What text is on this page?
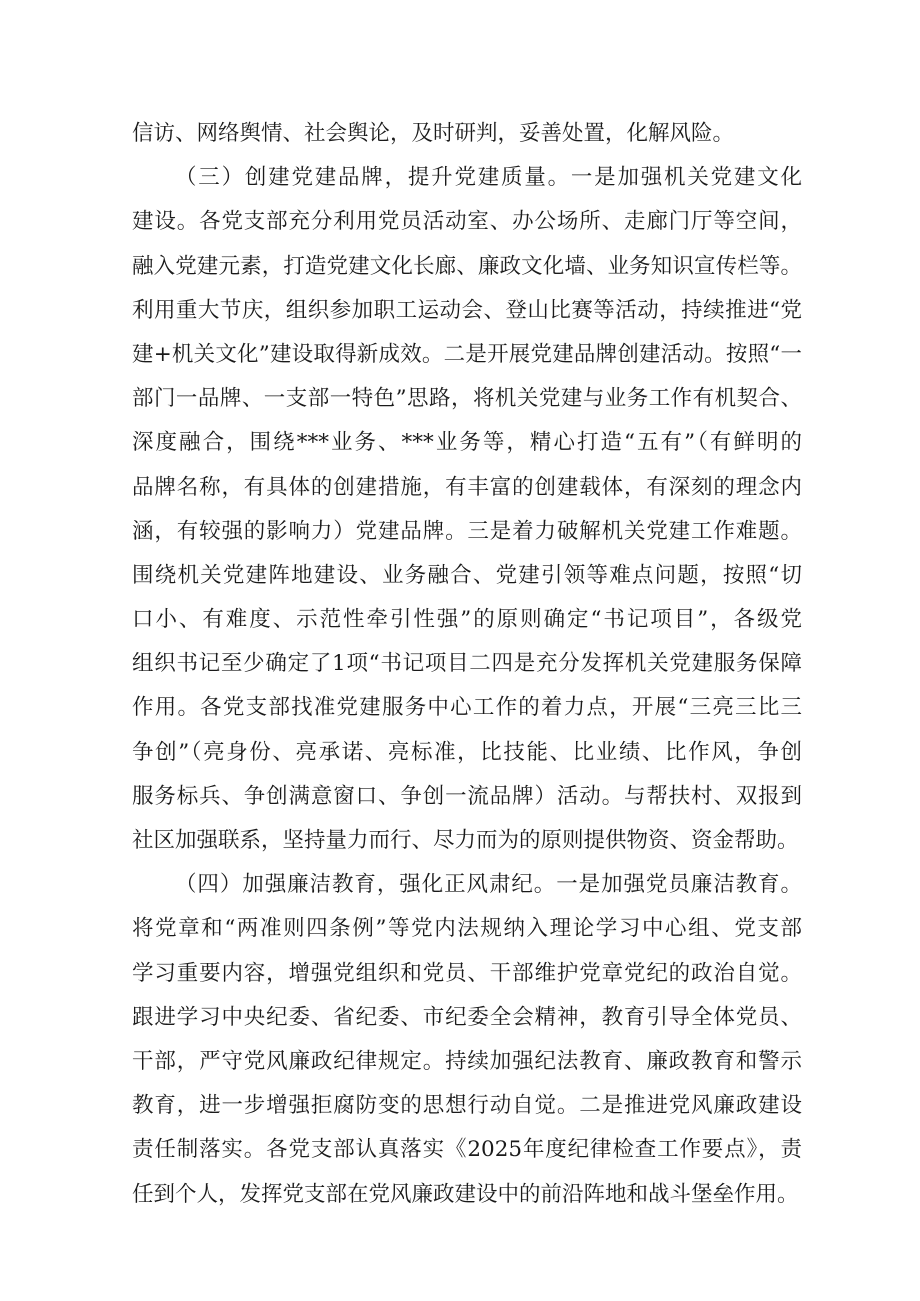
信访、网络舆情、社会舆论，及时研判，妥善处置，化解风险。
（三）创建党建品牌，提升党建质量。一是加强机关党建文化
建设。各党支部充分利用党员活动室、办公场所、走廊门厅等空间，
融入党建元素，打造党建文化长廊、廉政文化墙、业务知识宣传栏等。
利用重大节庆，组织参加职工运动会、登山比赛等活动，持续推进“党
建+机关文化”建设取得新成效。二是开展党建品牌创建活动。按照“一
部门一品牌、一支部一特色”思路，将机关党建与业务工作有机契合、
深度融合，围绕***业务、***业务等，精心打造“五有”（有鲜明的
品牌名称，有具体的创建措施，有丰富的创建载体，有深刻的理念内
涵，有较强的影响力）党建品牌。三是着力破解机关党建工作难题。
围绕机关党建阵地建设、业务融合、党建引领等难点问题，按照“切
口小、有难度、示范性牵引性强”的原则确定“书记项目”，各级党
组织书记至少确定了1项“书记项目二四是充分发挥机关党建服务保障
作用。各党支部找准党建服务中心工作的着力点，开展“三亮三比三
争创”（亮身份、亮承诺、亮标准，比技能、比业绩、比作风，争创
服务标兵、争创满意窗口、争创一流品牌）活动。与帮扶村、双报到
社区加强联系，坚持量力而行、尽力而为的原则提供物资、资金帮助。
（四）加强廉洁教育，强化正风肃纪。一是加强党员廉洁教育。
将党章和“两准则四条例”等党内法规纳入理论学习中心组、党支部
学习重要内容，增强党组织和党员、干部维护党章党纪的政治自觉。
跟进学习中央纪委、省纪委、市纪委全会精神，教育引导全体党员、
干部，严守党风廉政纪律规定。持续加强纪法教育、廉政教育和警示
教育，进一步增强拒腐防变的思想行动自觉。二是推进党风廉政建设
责任制落实。各党支部认真落实《2025年度纪律检查工作要点》，责
任到个人，发挥党支部在党风廉政建设中的前沿阵地和战斗堡垒作用。
